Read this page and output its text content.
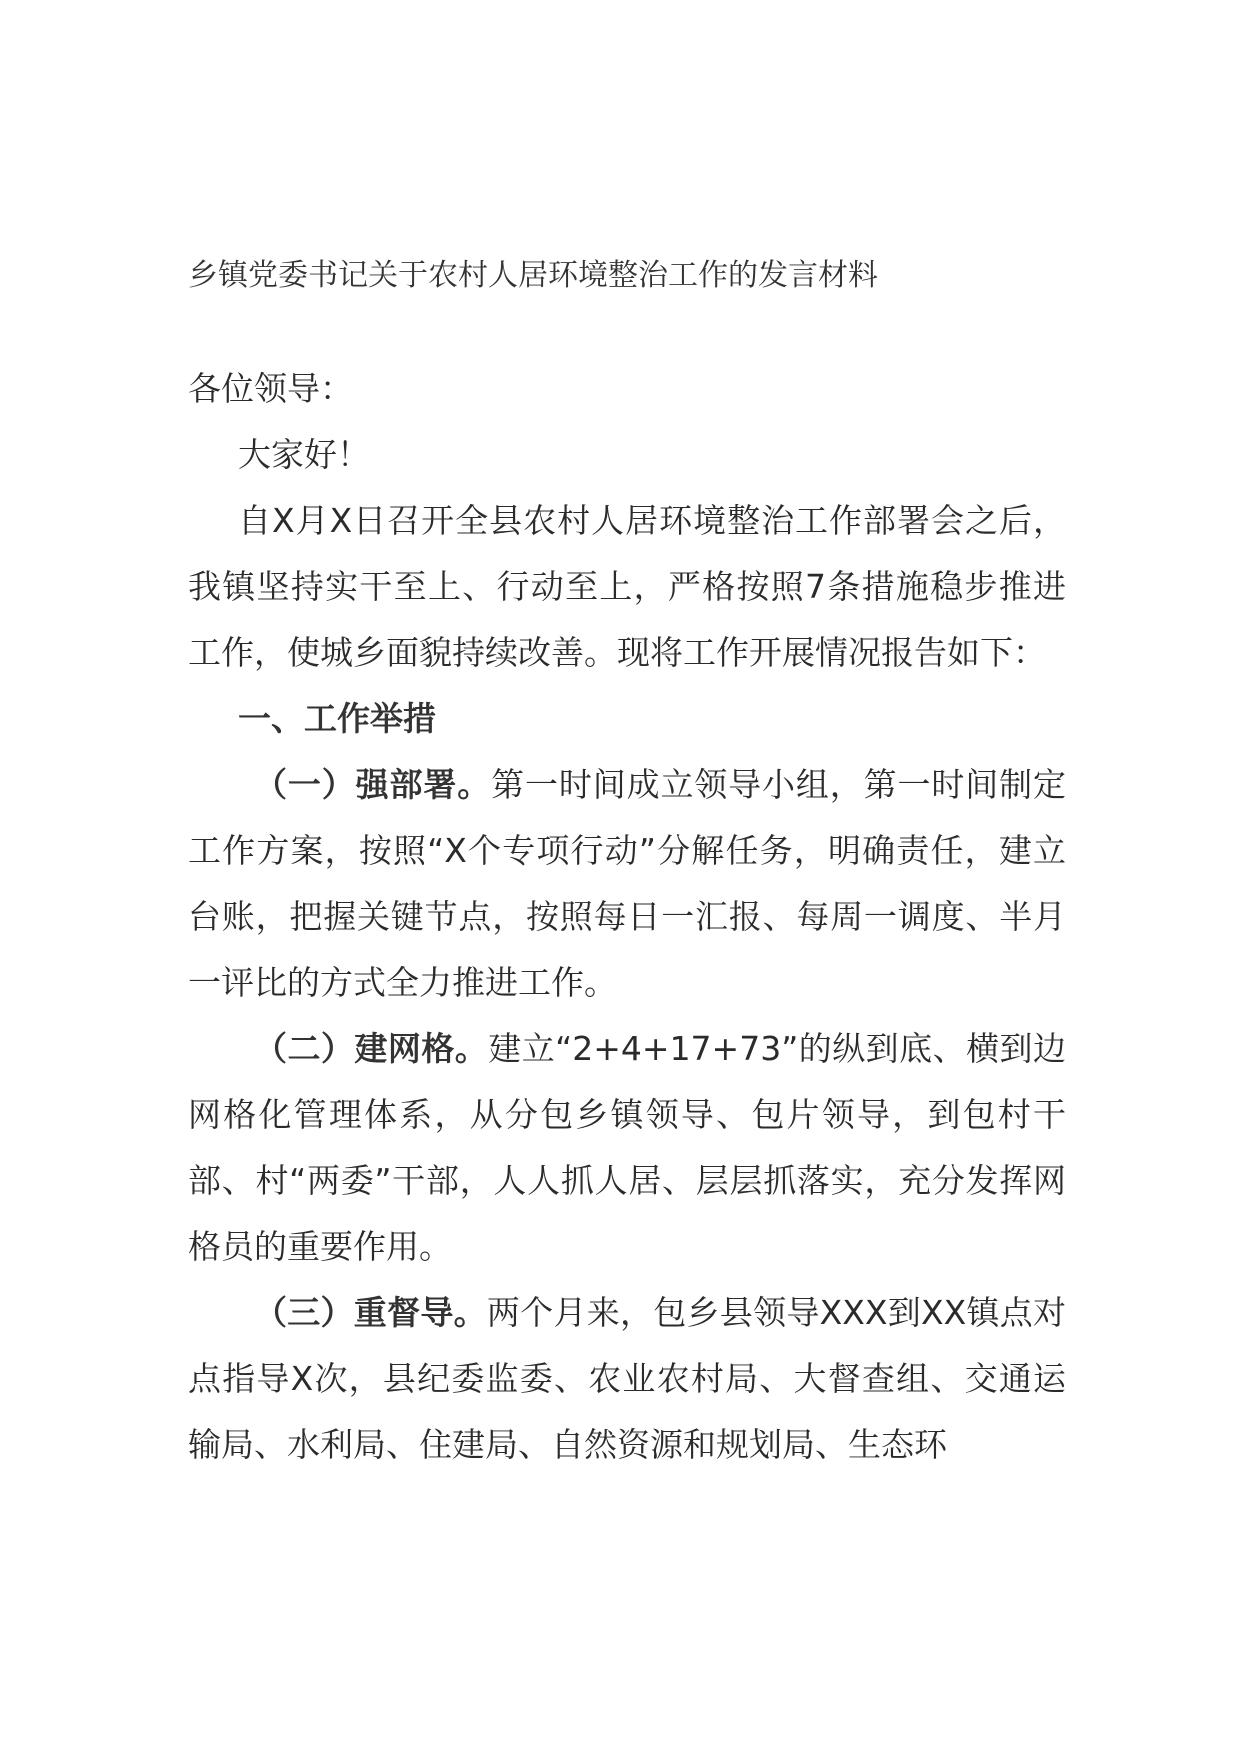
乡镇党委书记关于农村人居环境整治工作的发言材料

各位领导：

大家好！

自X月X日召开全县农村人居环境整治工作部署会之后，我镇坚持实干至上、行动至上，严格按照7条措施稳步推进工作，使城乡面貌持续改善。现将工作开展情况报告如下：

一、工作举措

（一）强部署。第一时间成立领导小组，第一时间制定工作方案，按照“X个专项行动”分解任务，明确责任，建立台账，把握关键节点，按照每日一汇报、每周一调度、半月一评比的方式全力推进工作。

（二）建网格。建立“2+4+17+73”的纵到底、横到边网格化管理体系，从分包乡镇领导、包片领导，到包村干部、村“两委”干部，人人抓人居、层层抓落实，充分发挥网格员的重要作用。

（三）重督导。两个月来，包乡县领导XXX到XX镇点对点指导X次，县纪委监委、农业农村局、大督查组、交通运输局、水利局、住建局、自然资源和规划局、生态环
